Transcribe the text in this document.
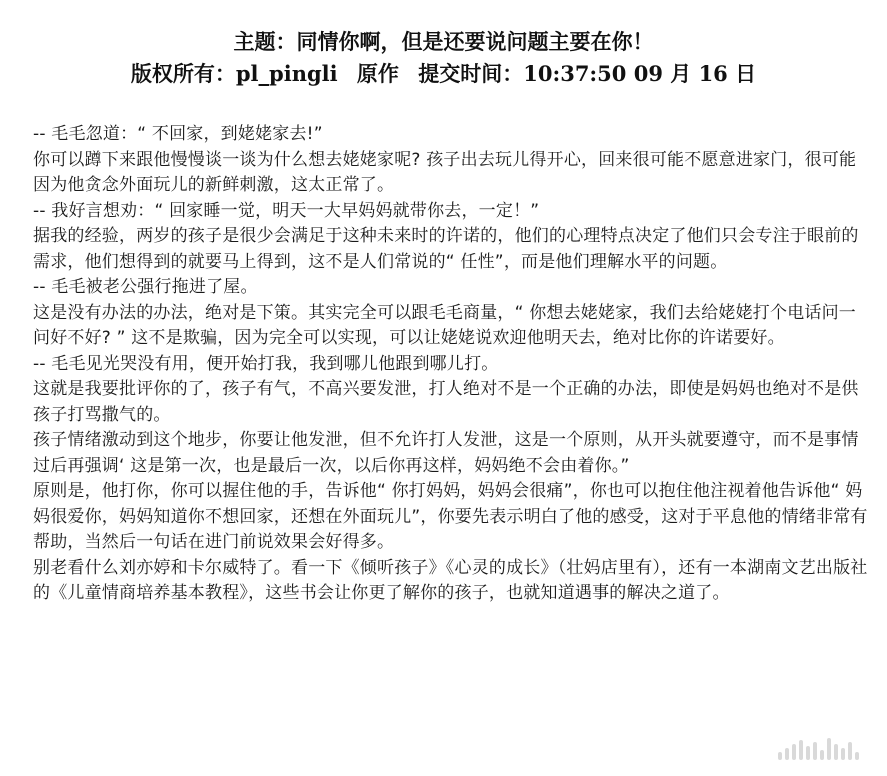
主题：同情你啊，但是还要说问题主要在你！
版权所有：pl_pingli 原作 提交时间：10:37:50 09 月 16 日

-- 毛毛忽道：“ 不回家，到姥姥家去!”

你可以蹲下来跟他慢慢谈一谈为什么想去姥姥家呢? 孩子出去玩儿得开心，回来很可能不愿意进家门，很可能因为他贪念外面玩儿的新鲜刺激，这太正常了。

-- 我好言想劝：“ 回家睡一觉，明天一大早妈妈就带你去，一定！”

据我的经验，两岁的孩子是很少会满足于这种未来时的许诺的，他们的心理特点决定了他们只会专注于眼前的需求，他们想得到的就要马上得到，这不是人们常说的“ 任性”，而是他们理解水平的问题。

-- 毛毛被老公强行拖进了屋。

这是没有办法的办法，绝对是下策。其实完全可以跟毛毛商量，“ 你想去姥姥家，我们去给姥姥打个电话问一问好不好? ” 这不是欺骗，因为完全可以实现，可以让姥姥说欢迎他明天去，绝对比你的许诺要好。

-- 毛毛见光哭没有用，便开始打我，我到哪儿他跟到哪儿打。

这就是我要批评你的了，孩子有气，不高兴要发泄，打人绝对不是一个正确的办法，即使是妈妈也绝对不是供孩子打骂撒气的。

孩子情绪激动到这个地步，你要让他发泄，但不允许打人发泄，这是一个原则，从开头就要遵守，而不是事情过后再强调‘ 这是第一次，也是最后一次，以后你再这样，妈妈绝不会由着你。”

原则是，他打你，你可以握住他的手，告诉他“ 你打妈妈，妈妈会很痛”，你也可以抱住他注视着他告诉他“ 妈妈很爱你，妈妈知道你不想回家，还想在外面玩儿”，你要先表示明白了他的感受，这对于平息他的情绪非常有帮助，当然后一句话在进门前说效果会好得多。

别老看什么刘亦婷和卡尔威特了。看一下《倾听孩子》《心灵的成长》（壮妈店里有），还有一本湖南文艺出版社的《儿童情商培养基本教程》，这些书会让你更了解你的孩子，也就知道遇事的解决之道了。
